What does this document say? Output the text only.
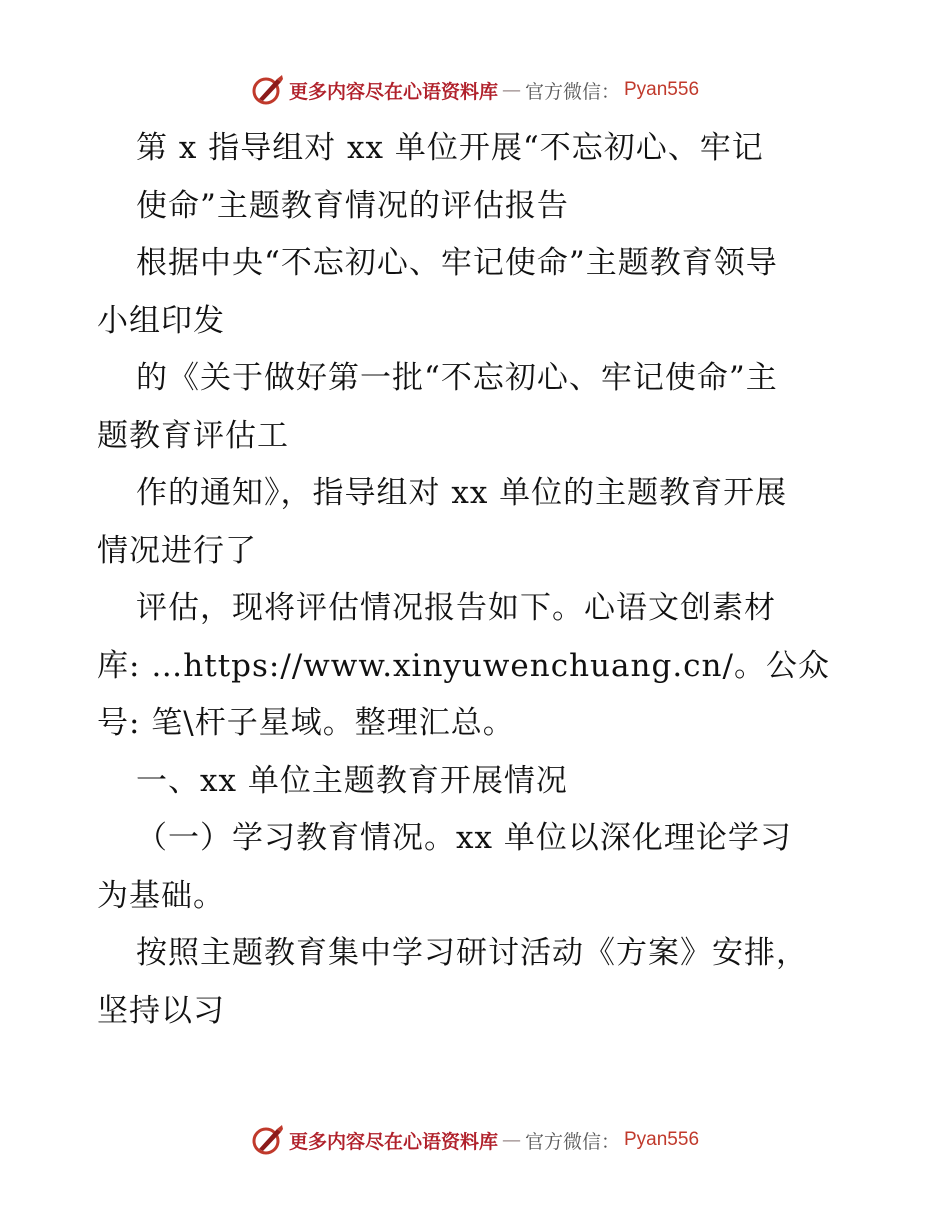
更多内容尽在心语资料库 — 官方微信： Pyan556
第 x 指导组对 xx 单位开展“不忘初心、牢记
使命”主题教育情况的评估报告
根据中央“不忘初心、牢记使命”主题教育领导
小组印发
的《关于做好第一批“不忘初心、牢记使命”主
题教育评估工
作的通知》，指导组对 xx 单位的主题教育开展
情况进行了
评估，现将评估情况报告如下。心语文创素材
库: …https://www.xinyuwenchuang.cn/。公众
号: 笔\杆子星域。整理汇总。
一、xx 单位主题教育开展情况
（一）学习教育情况。xx 单位以深化理论学习
为基础。
按照主题教育集中学习研讨活动《方案》安排，
坚持以习
更多内容尽在心语资料库 — 官方微信： Pyan556
